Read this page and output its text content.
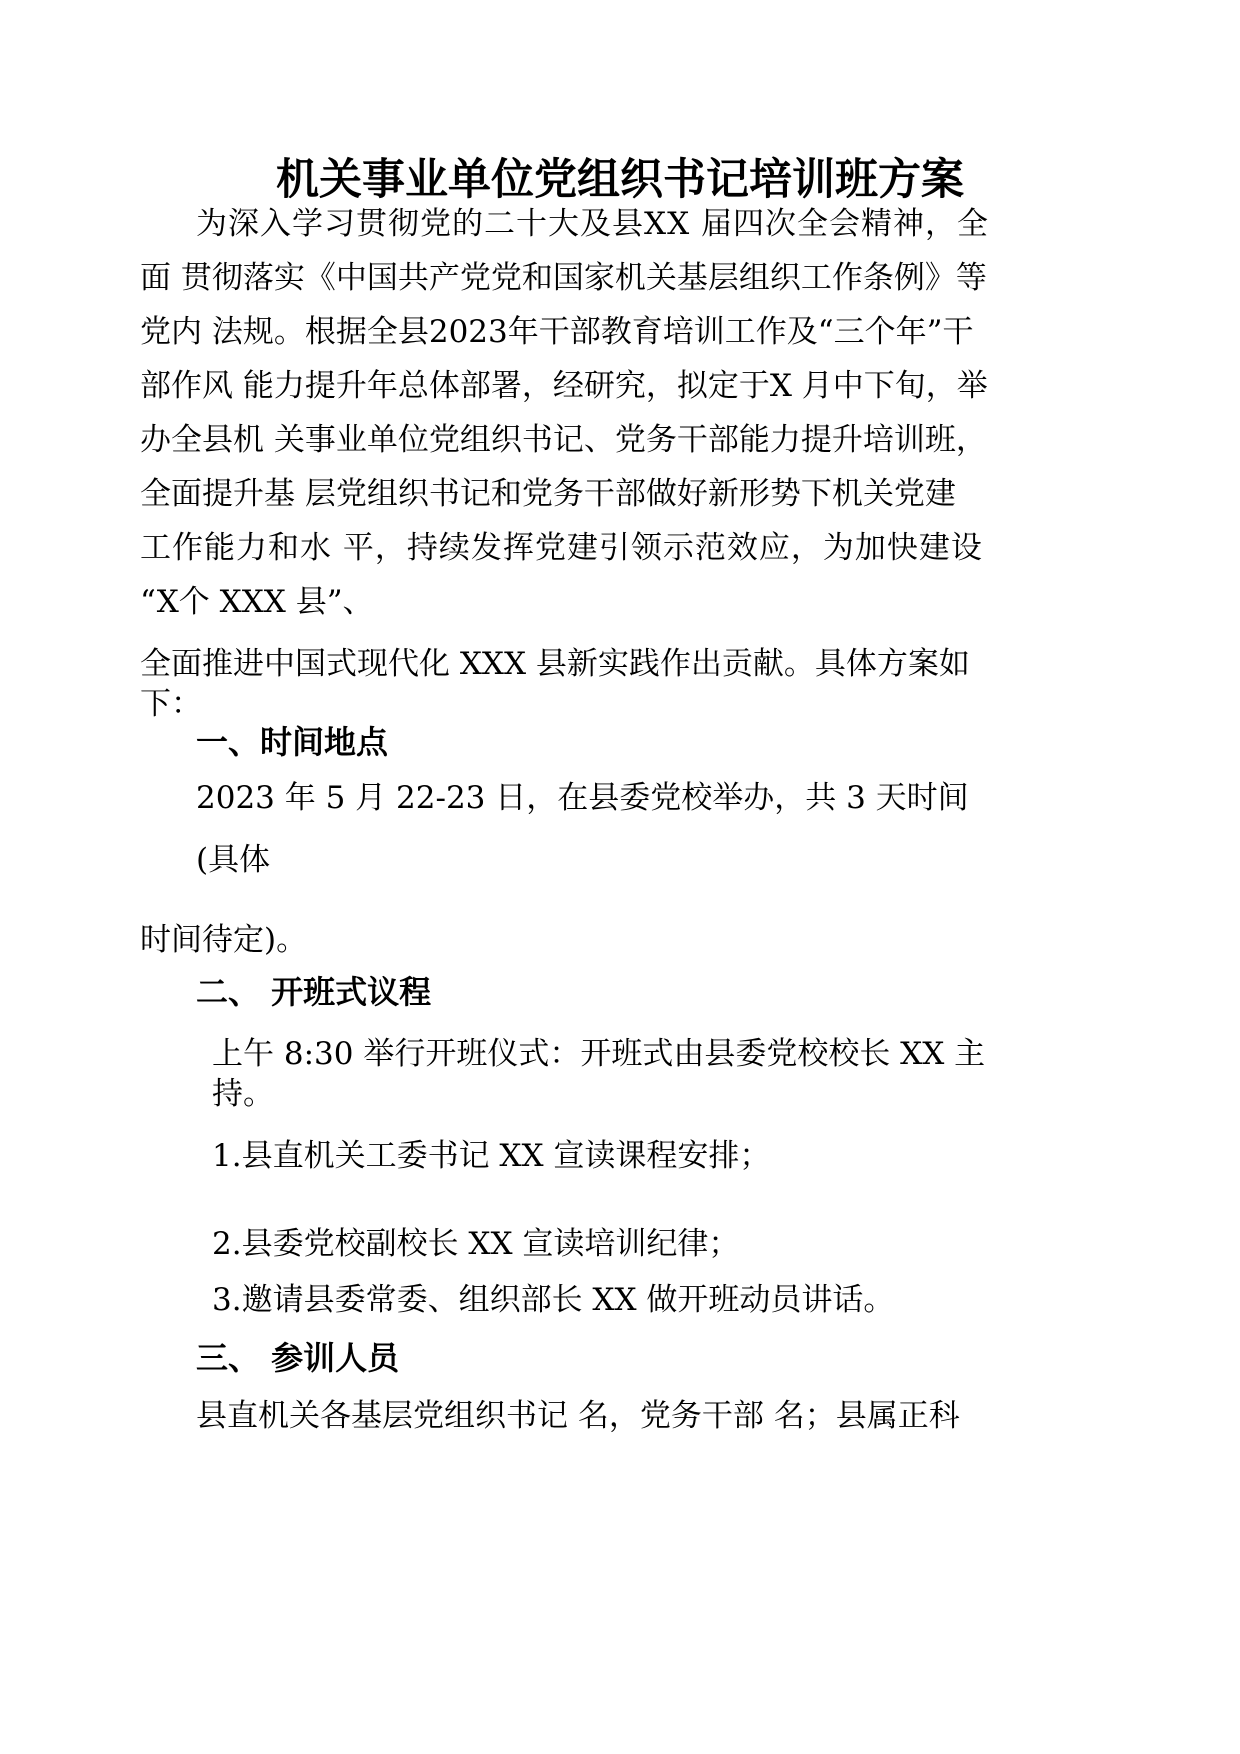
机关事业单位党组织书记培训班方案

为深入学习贯彻党的二十大及县XX 届四次全会精神，全

面 贯彻落实《中国共产党党和国家机关基层组织工作条例》等

党内 法规。根据全县2023年干部教育培训工作及“三个年”干

部作风 能力提升年总体部署，经研究，拟定于X 月中下旬，举

办全县机 关事业单位党组织书记、党务干部能力提升培训班，

全面提升基 层党组织书记和党务干部做好新形势下机关党建

工作能力和水 平，持续发挥党建引领示范效应，为加快建设

“X个 XXX 县”、

全面推进中国式现代化 XXX 县新实践作出贡献。具体方案如

下：

一、时间地点

2023 年 5 月 22-23 日，在县委党校举办，共 3 天时间

(具体

时间待定)。

二、 开班式议程

上午 8:30 举行开班仪式：开班式由县委党校校长 XX 主

持。

1.县直机关工委书记 XX 宣读课程安排；

2.县委党校副校长 XX 宣读培训纪律；

3.邀请县委常委、组织部长 XX 做开班动员讲话。

三、 参训人员

县直机关各基层党组织书记 名，党务干部 名；县属正科
